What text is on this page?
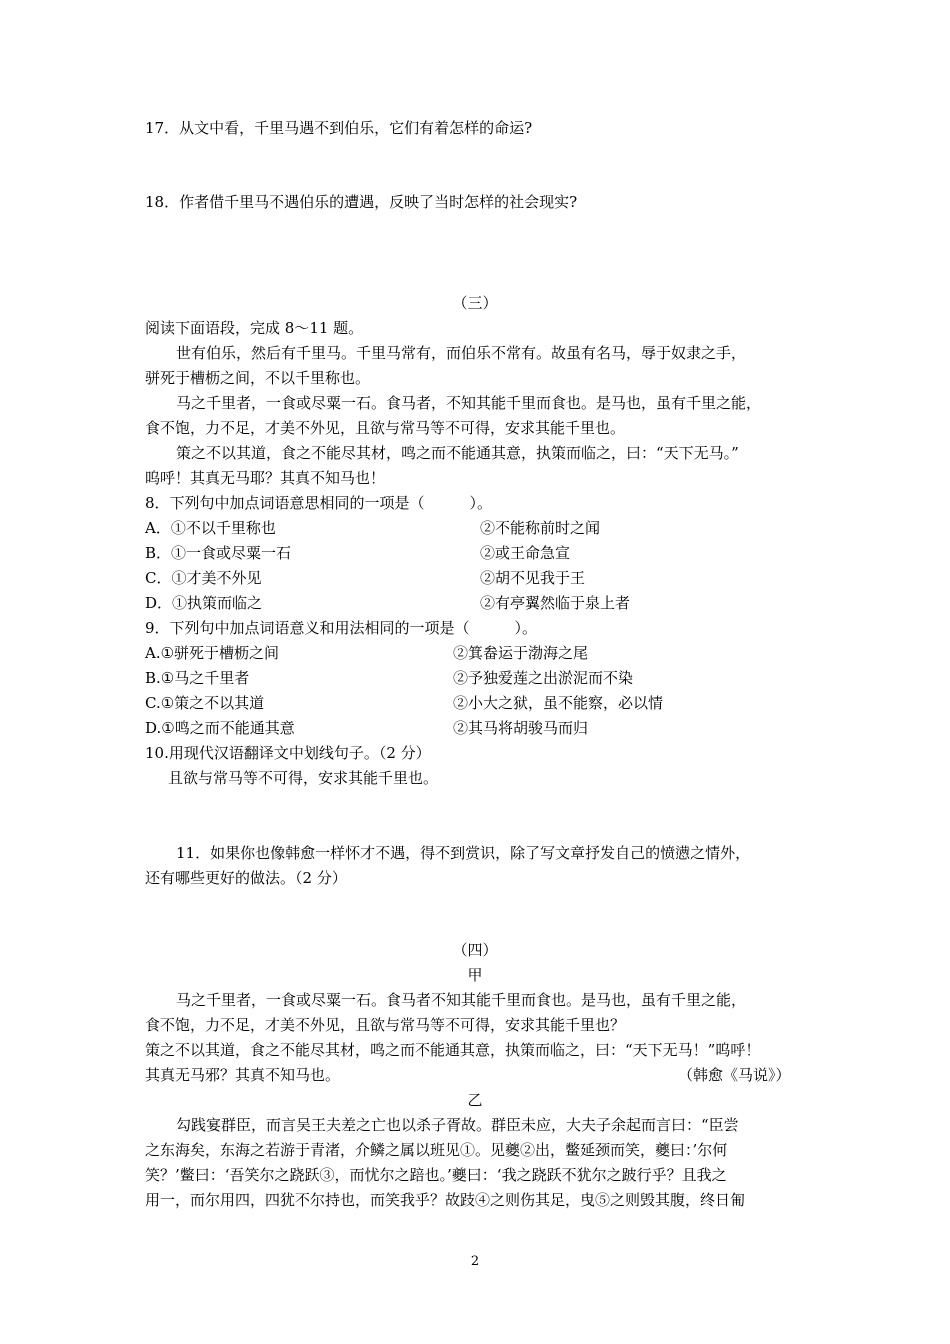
17．从文中看，千里马遇不到伯乐，它们有着怎样的命运?
18．作者借千里马不遇伯乐的遭遇，反映了当时怎样的社会现实?
（三）
阅读下面语段，完成 8～11 题。
世有伯乐，然后有千里马。千里马常有，而伯乐不常有。故虽有名马，辱于奴隶之手，
骈死于槽枥之间，不以千里称也。
马之千里者，一食或尽粟一石。食马者，不知其能千里而食也。是马也，虽有千里之能，
食不饱，力不足，才美不外见，且欲与常马等不可得，安求其能千里也。
策之不以其道，食之不能尽其材，鸣之而不能通其意，执策而临之，曰：“天下无马。”
呜呼！其真无马耶？其真不知马也！
8．下列句中加点词语意思相同的一项是（　　　）。
A．①不以千里称也	②不能称前时之闻
B．①一食或尽粟一石	②或王命急宣
C．①才美不外见	②胡不见我于王
D．①执策而临之	②有亭翼然临于泉上者
9．下列句中加点词语意义和用法相同的一项是（　　　）。
A.①骈死于槽枥之间	②箕畚运于渤海之尾
B.①马之千里者	②予独爱莲之出淤泥而不染
C.①策之不以其道	②小大之狱，虽不能察，必以情
D.①鸣之而不能通其意	②其马将胡骏马而归
10.用现代汉语翻译文中划线句子。（2 分）
且欲与常马等不可得，安求其能千里也。
11．如果你也像韩愈一样怀才不遇，得不到赏识，除了写文章抒发自己的愤懑之情外，
还有哪些更好的做法。（2 分）
（四）
甲
马之千里者，一食或尽粟一石。食马者不知其能千里而食也。是马也，虽有千里之能，
食不饱，力不足，才美不外见，且欲与常马等不可得，安求其能千里也？
策之不以其道，食之不能尽其材，鸣之而不能通其意，执策而临之，曰：“天下无马！”呜呼！
其真无马邪？其真不知马也。	（韩愈《马说》）
乙
勾践宴群臣，而言吴王夫差之亡也以杀子胥故。群臣未应，大夫子余起而言曰：“臣尝
之东海矣，东海之若游于青渚，介鳞之属以班见①。见夔②出，鳖延颈而笑，夔曰：’尔何
笑？’鳖曰：‘吾笑尔之跷跃③，而忧尔之踣也。’夔曰：‘我之跷跃不犹尔之跛行乎？且我之
用一，而尔用四，四犹不尔持也，而笑我乎？故跂④之则伤其足，曳⑤之则毁其腹，终日匍
2
